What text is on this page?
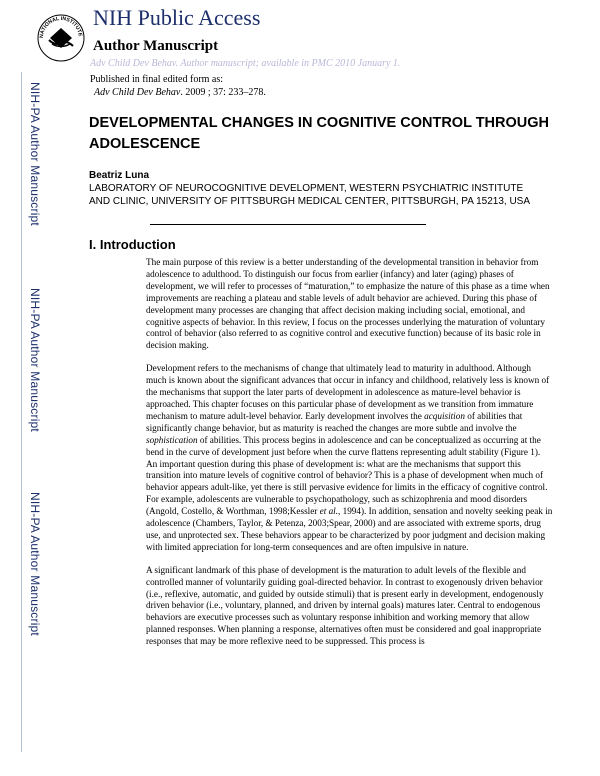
NATIONAL INSTITUTE
NIH Public Access
Author Manuscript
Adv Child Dev Behav. Author manuscript; available in PMC 2010 January 1.
Published in final edited form as:
Adv Child Dev Behav. 2009 ; 37: 233–278.
NIH-PA Author Manuscript
NIH-PA Author Manuscript
NIH-PA Author Manuscript
DEVELOPMENTAL CHANGES IN COGNITIVE CONTROL THROUGH ADOLESCENCE
Beatriz Luna
LABORATORY OF NEUROCOGNITIVE DEVELOPMENT, WESTERN PSYCHIATRIC INSTITUTE AND CLINIC, UNIVERSITY OF PITTSBURGH MEDICAL CENTER, PITTSBURGH, PA 15213, USA
I. Introduction

The main purpose of this review is a better understanding of the developmental transition in behavior from adolescence to adulthood. To distinguish our focus from earlier (infancy) and later (aging) phases of development, we will refer to processes of “maturation,” to emphasize the nature of this phase as a time when improvements are reaching a plateau and stable levels of adult behavior are achieved. During this phase of development many processes are changing that affect decision making including social, emotional, and cognitive aspects of behavior. In this review, I focus on the processes underlying the maturation of voluntary control of behavior (also referred to as cognitive control and executive function) because of its basic role in decision making.

Development refers to the mechanisms of change that ultimately lead to maturity in adulthood. Although much is known about the significant advances that occur in infancy and childhood, relatively less is known of the mechanisms that support the later parts of development in adolescence as mature-level behavior is approached. This chapter focuses on this particular phase of development as we transition from immature mechanism to mature adult-level behavior. Early development involves the acquisition of abilities that significantly change behavior, but as maturity is reached the changes are more subtle and involve the sophistication of abilities. This process begins in adolescence and can be conceptualized as occurring at the bend in the curve of development just before when the curve flattens representing adult stability (Figure 1). An important question during this phase of development is: what are the mechanisms that support this transition into mature levels of cognitive control of behavior? This is a phase of development when much of behavior appears adult-like, yet there is still pervasive evidence for limits in the efficacy of cognitive control. For example, adolescents are vulnerable to psychopathology, such as schizophrenia and mood disorders (Angold, Costello, & Worthman, 1998;Kessler et al., 1994). In addition, sensation and novelty seeking peak in adolescence (Chambers, Taylor, & Petenza, 2003;Spear, 2000) and are associated with extreme sports, drug use, and unprotected sex. These behaviors appear to be characterized by poor judgment and decision making with limited appreciation for long-term consequences and are often impulsive in nature.

A significant landmark of this phase of development is the maturation to adult levels of the flexible and controlled manner of voluntarily guiding goal-directed behavior. In contrast to exogenously driven behavior (i.e., reflexive, automatic, and guided by outside stimuli) that is present early in development, endogenously driven behavior (i.e., voluntary, planned, and driven by internal goals) matures later. Central to endogenous behaviors are executive processes such as voluntary response inhibition and working memory that allow planned responses. When planning a response, alternatives often must be considered and goal inappropriate responses that may be more reflexive need to be suppressed. This process is
